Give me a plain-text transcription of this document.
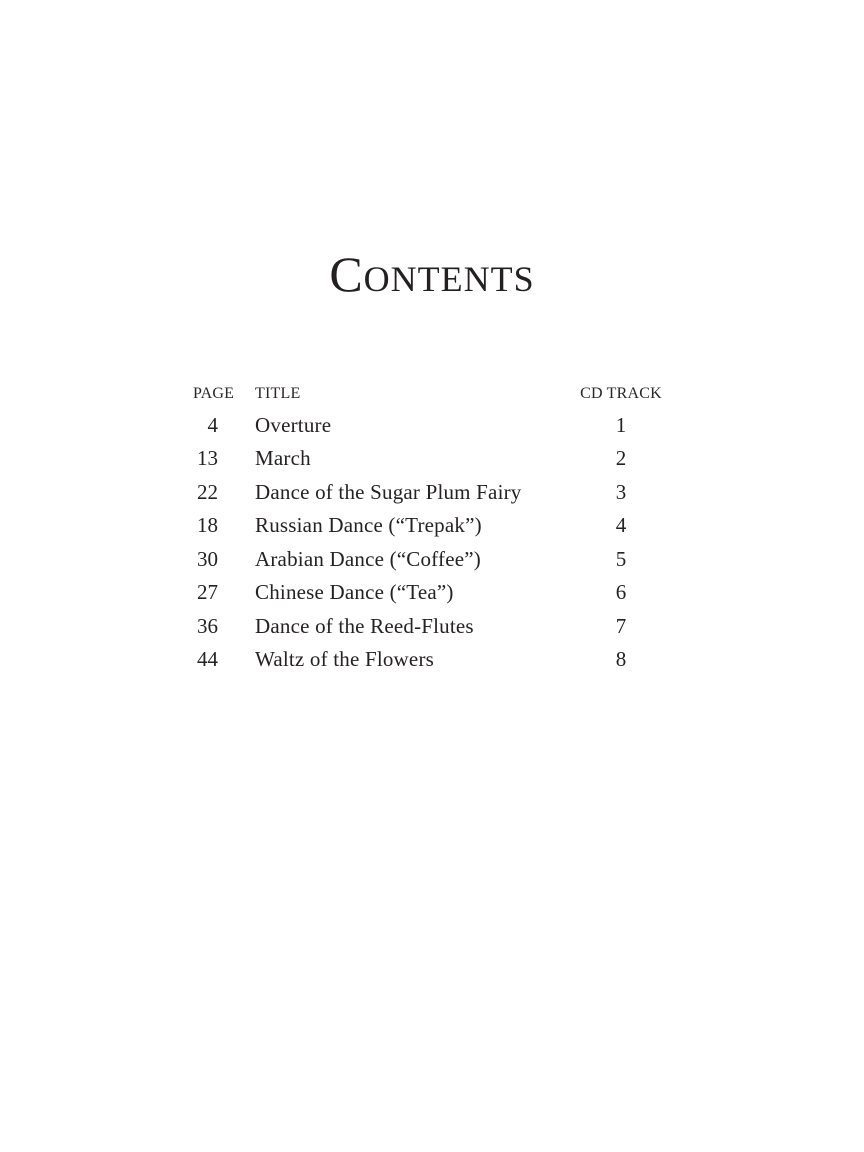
CONTENTS
PAGE TITLE	CD TRACK
4 Overture	1
13 March	2
22 Dance of the Sugar Plum Fairy	3
18 Russian Dance (“Trepak”)	4
30 Arabian Dance (“Coffee”)	5
27 Chinese Dance (“Tea”)	6
36 Dance of the Reed-Flutes	7
44 Waltz of the Flowers	8
